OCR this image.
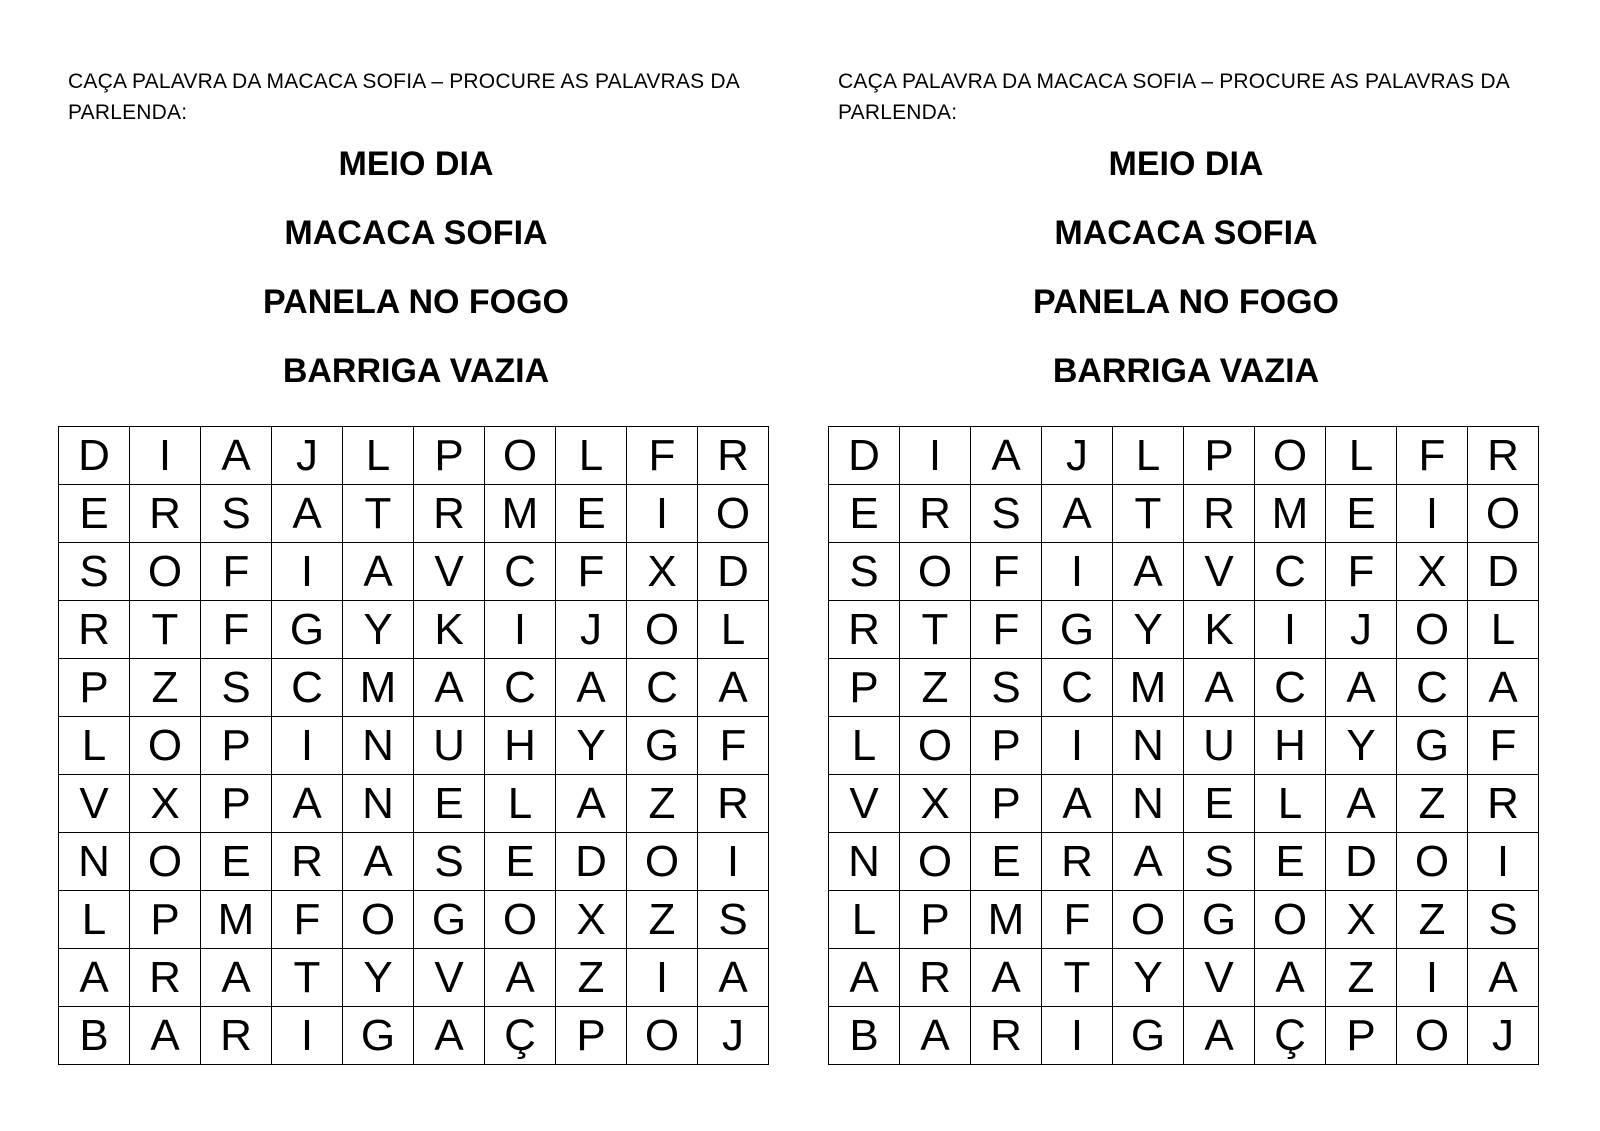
CAÇA PALAVRA DA MACACA SOFIA – PROCURE AS PALAVRAS DA PARLENDA:
MEIO DIA
MACACA SOFIA
PANELA NO FOGO
BARRIGA VAZIA
D	I	A	J	L	P	O	L	F	R
E	R	S	A	T	R	M	E	I	O
S	O	F	I	A	V	C	F	X	D
R	T	F	G	Y	K	I	J	O	L
P	Z	S	C	M	A	C	A	C	A
L	O	P	I	N	U	H	Y	G	F
V	X	P	A	N	E	L	A	Z	R
N	O	E	R	A	S	E	D	O	I
L	P	M	F	O	G	O	X	Z	S
A	R	A	T	Y	V	A	Z	I	A
B	A	R	I	G	A	Ç	P	O	J
CAÇA PALAVRA DA MACACA SOFIA – PROCURE AS PALAVRAS DA PARLENDA:
MEIO DIA
MACACA SOFIA
PANELA NO FOGO
BARRIGA VAZIA
D	I	A	J	L	P	O	L	F	R
E	R	S	A	T	R	M	E	I	O
S	O	F	I	A	V	C	F	X	D
R	T	F	G	Y	K	I	J	O	L
P	Z	S	C	M	A	C	A	C	A
L	O	P	I	N	U	H	Y	G	F
V	X	P	A	N	E	L	A	Z	R
N	O	E	R	A	S	E	D	O	I
L	P	M	F	O	G	O	X	Z	S
A	R	A	T	Y	V	A	Z	I	A
B	A	R	I	G	A	Ç	P	O	J
